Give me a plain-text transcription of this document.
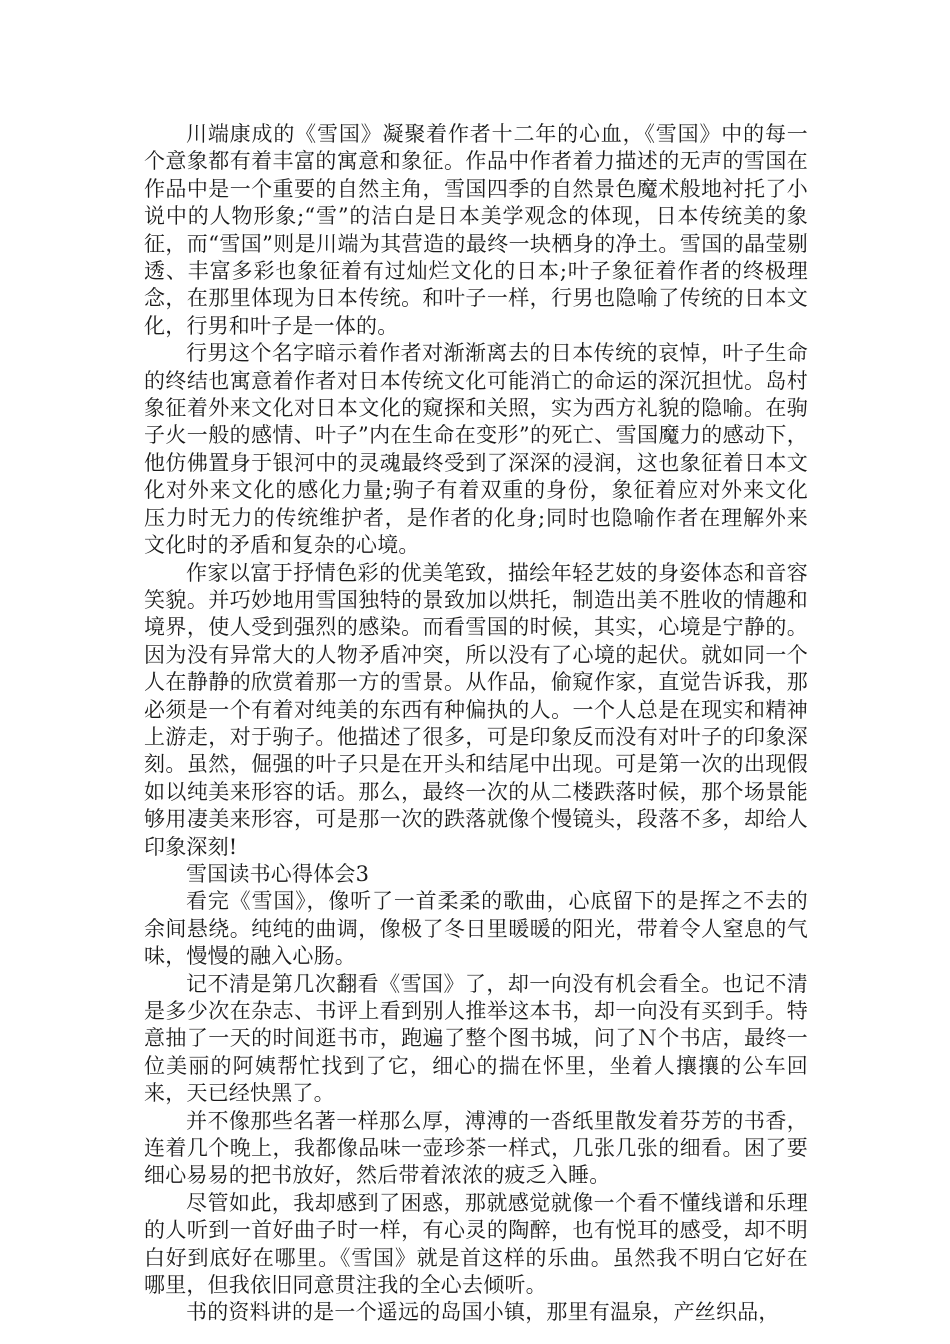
川端康成的《雪国》凝聚着作者十二年的心血，《雪国》中的每一个意象都有着丰富的寓意和象征。作品中作者着力描述的无声的雪国在作品中是一个重要的自然主角，雪国四季的自然景色魔术般地衬托了小说中的人物形象;“雪”的洁白是日本美学观念的体现，日本传统美的象征，而“雪国”则是川端为其营造的最终一块栖身的净土。雪国的晶莹剔透、丰富多彩也象征着有过灿烂文化的日本;叶子象征着作者的终极理念，在那里体现为日本传统。和叶子一样，行男也隐喻了传统的日本文化，行男和叶子是一体的。

行男这个名字暗示着作者对渐渐离去的日本传统的哀悼，叶子生命的终结也寓意着作者对日本传统文化可能消亡的命运的深沉担忧。岛村象征着外来文化对日本文化的窥探和关照，实为西方礼貌的隐喻。在驹子火一般的感情、叶子”内在生命在变形”的死亡、雪国魔力的感动下，他仿佛置身于银河中的灵魂最终受到了深深的浸润，这也象征着日本文化对外来文化的感化力量;驹子有着双重的身份，象征着应对外来文化压力时无力的传统维护者，是作者的化身;同时也隐喻作者在理解外来文化时的矛盾和复杂的心境。

作家以富于抒情色彩的优美笔致，描绘年轻艺妓的身姿体态和音容笑貌。并巧妙地用雪国独特的景致加以烘托，制造出美不胜收的情趣和境界，使人受到强烈的感染。而看雪国的时候，其实，心境是宁静的。因为没有异常大的人物矛盾冲突，所以没有了心境的起伏。就如同一个人在静静的欣赏着那一方的雪景。从作品，偷窥作家，直觉告诉我，那必须是一个有着对纯美的东西有种偏执的人。一个人总是在现实和精神上游走，对于驹子。他描述了很多，可是印象反而没有对叶子的印象深刻。虽然，倔强的叶子只是在开头和结尾中出现。可是第一次的出现假如以纯美来形容的话。那么，最终一次的从二楼跌落时候，那个场景能够用凄美来形容，可是那一次的跌落就像个慢镜头，段落不多，却给人印象深刻!

雪国读书心得体会3

看完《雪国》，像听了一首柔柔的歌曲，心底留下的是挥之不去的余间悬绕。纯纯的曲调，像极了冬日里暖暖的阳光，带着令人窒息的气味，慢慢的融入心肠。

记不清是第几次翻看《雪国》了，却一向没有机会看全。也记不清是多少次在杂志、书评上看到别人推举这本书，却一向没有买到手。特意抽了一天的时间逛书市，跑遍了整个图书城，问了Ｎ个书店，最终一位美丽的阿姨帮忙找到了它，细心的揣在怀里，坐着人攘攘的公车回来，天已经快黑了。

并不像那些名著一样那么厚，溥溥的一沓纸里散发着芬芳的书香，连着几个晚上，我都像品味一壶珍茶一样式，几张几张的细看。困了要细心易易的把书放好，然后带着浓浓的疲乏入睡。

尽管如此，我却感到了困惑，那就感觉就像一个看不懂线谱和乐理的人听到一首好曲子时一样，有心灵的陶醉，也有悦耳的感受，却不明白好到底好在哪里。《雪国》就是首这样的乐曲。虽然我不明白它好在哪里，但我依旧同意贯注我的全心去倾听。

书的资料讲的是一个遥远的岛国小镇，那里有温泉，产丝织品，
